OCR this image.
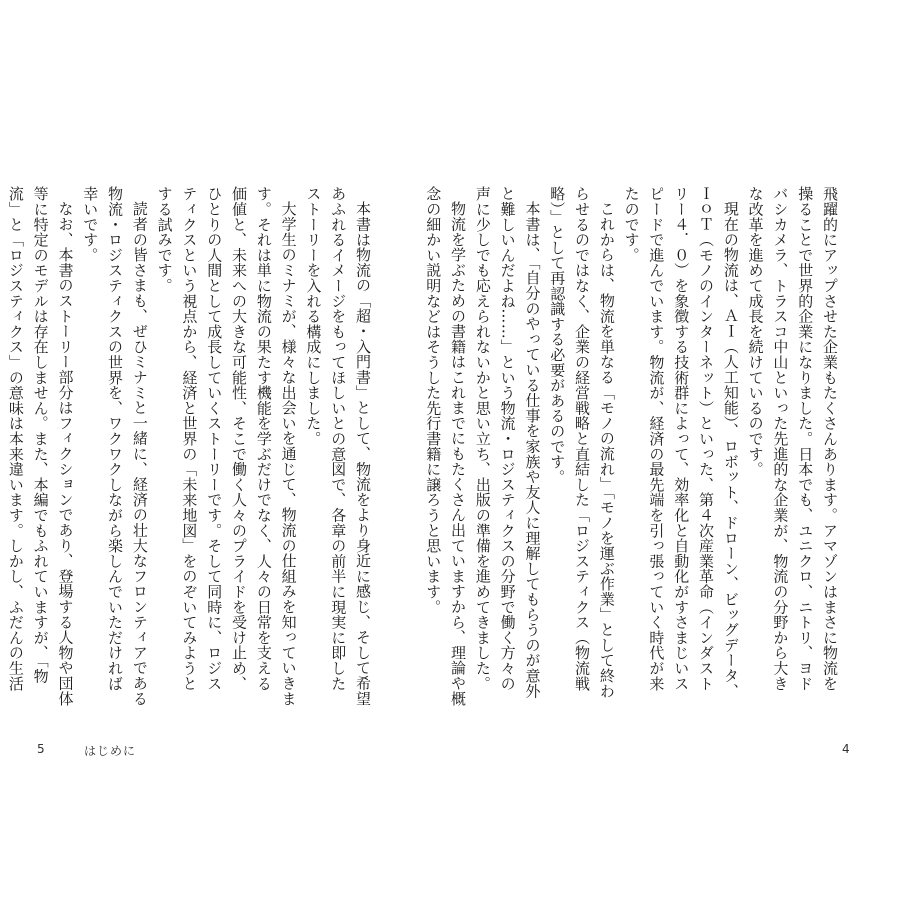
本書は物流の「超・入門書」として、物流をより身近に感じ、そして希望あふれるイメージをもってほしいとの意図で、各章の前半に現実に即したストーリーを入れる構成にしました。

大学生のミナミが、様々な出会いを通じて、物流の仕組みを知っていきます。それは単に物流の果たす機能を学ぶだけでなく、人々の日常を支える価値と、未来への大きな可能性、そこで働く人々のプライドを受け止め、ひとりの人間として成長していくストーリーです。そして同時に、ロジスティクスという視点から、経済と世界の「未来地図」をのぞいてみようとする試みです。

読者の皆さまも、ぜひミナミと一緒に、経済の壮大なフロンティアである物流・ロジスティクスの世界を、ワクワクしながら楽しんでいただければ幸いです。

なお、本書のストーリー部分はフィクションであり、登場する人物や団体等に特定のモデルは存在しません。また、本編でもふれていますが、「物流」と「ロジスティクス」の意味は本来違います。しかし、ふだんの生活

5	はじめに

飛躍的にアップさせた企業もたくさんあります。アマゾンはまさに物流を操ることで世界的企業になりました。日本でも、ユニクロ、ニトリ、ヨドバシカメラ、トラスコ中山といった先進的な企業が、物流の分野から大きな改革を進めて成長を続けているのです。

現在の物流は、ＡＩ（人工知能）、ロボット、ドローン、ビッグデータ、ＩｏＴ（モノのインターネット）といった、第４次産業革命（インダストリー４．０）を象徴する技術群によって、効率化と自動化がすさまじいスピードで進んでいます。物流が、経済の最先端を引っ張っていく時代が来たのです。

これからは、物流を単なる「モノの流れ」「モノを運ぶ作業」として終わらせるのではなく、企業の経営戦略と直結した「ロジスティクス（物流戦略）」として再認識する必要があるのです。

本書は、「自分のやっている仕事を家族や友人に理解してもらうのが意外と難しいんだよね……」という物流・ロジスティクスの分野で働く方々の声に少しでも応えられないかと思い立ち、出版の準備を進めてきました。

物流を学ぶための書籍はこれまでにもたくさん出ていますから、理論や概念の細かい説明などはそうした先行書籍に譲ろうと思います。

4
